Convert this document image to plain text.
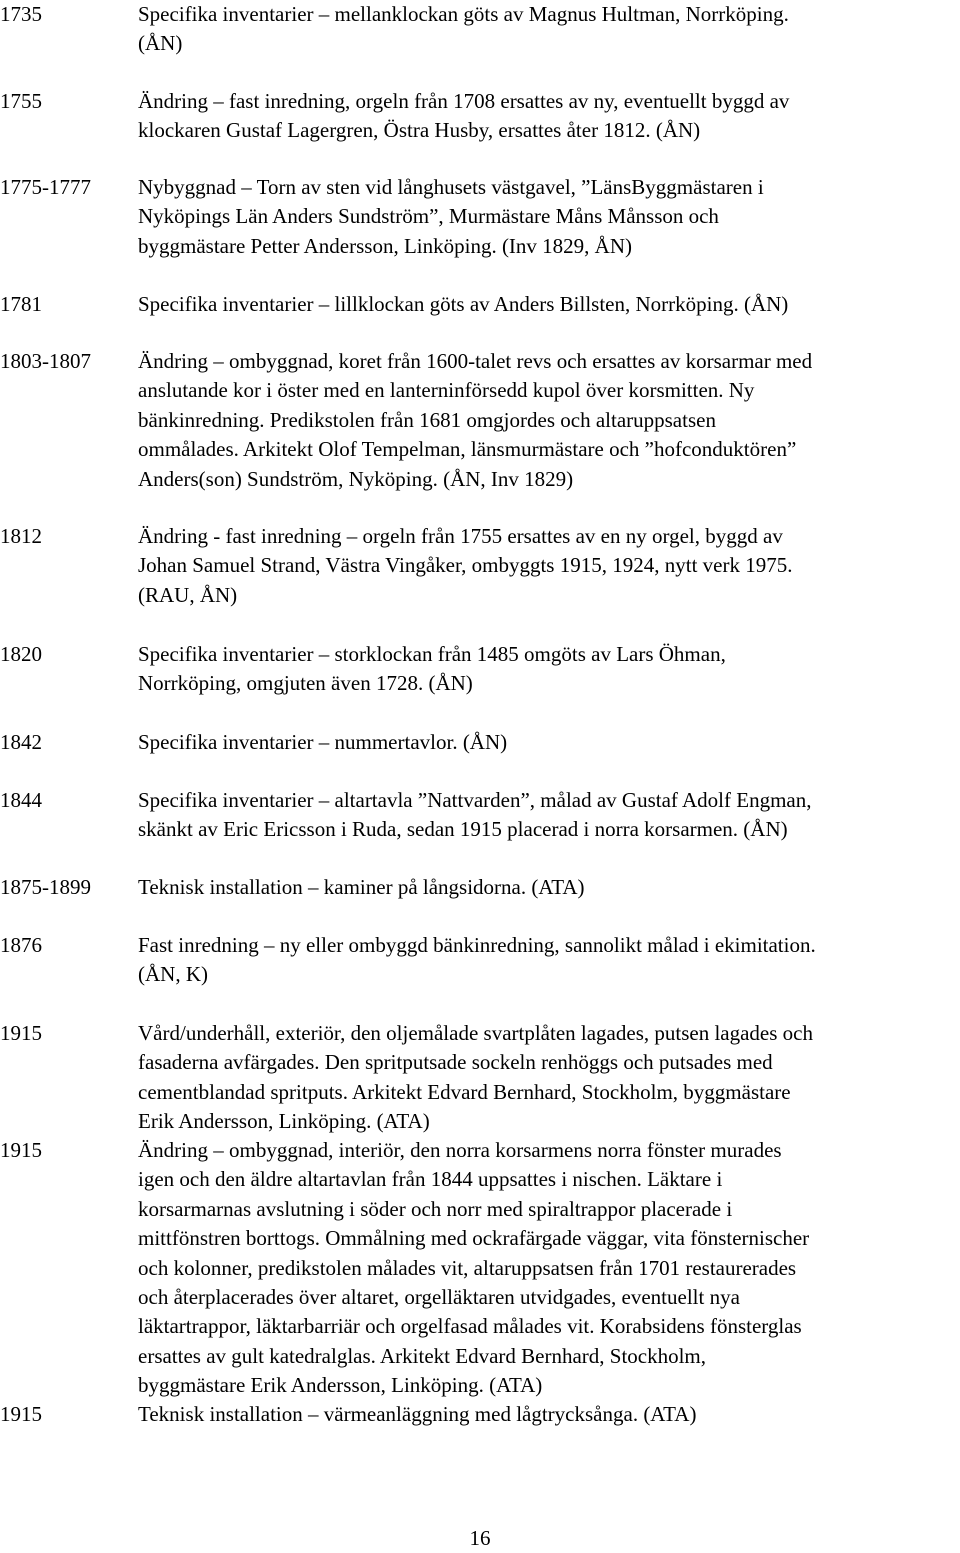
1735	Specifika inventarier – mellanklockan göts av Magnus Hultman, Norrköping.
(ÅN)
1755	Ändring – fast inredning, orgeln från 1708 ersattes av ny, eventuellt byggd av
klockaren Gustaf Lagergren, Östra Husby, ersattes åter 1812. (ÅN)
1775-1777	Nybyggnad – Torn av sten vid långhusets västgavel, ”LänsByggmästaren i
Nyköpings Län Anders Sundström”, Murmästare Måns Månsson och
byggmästare Petter Andersson, Linköping. (Inv 1829, ÅN)
1781	Specifika inventarier – lillklockan göts av Anders Billsten, Norrköping. (ÅN)
1803-1807	Ändring – ombyggnad, koret från 1600-talet revs och ersattes av korsarmar med
anslutande kor i öster med en lanterninförsedd kupol över korsmitten. Ny
bänkinredning. Predikstolen från 1681 omgjordes och altaruppsatsen
ommålades. Arkitekt Olof Tempelman, länsmurmästare och ”hofconduktören”
Anders(son) Sundström, Nyköping. (ÅN, Inv 1829)
1812	Ändring - fast inredning – orgeln från 1755 ersattes av en ny orgel, byggd av
Johan Samuel Strand, Västra Vingåker, ombyggts 1915, 1924, nytt verk 1975.
(RAU, ÅN)
1820	Specifika inventarier – storklockan från 1485 omgöts av Lars Öhman,
Norrköping, omgjuten även 1728. (ÅN)
1842	Specifika inventarier – nummertavlor. (ÅN)
1844	Specifika inventarier – altartavla ”Nattvarden”, målad av Gustaf Adolf Engman,
skänkt av Eric Ericsson i Ruda, sedan 1915 placerad i norra korsarmen. (ÅN)
1875-1899	Teknisk installation – kaminer på långsidorna. (ATA)
1876	Fast inredning – ny eller ombyggd bänkinredning, sannolikt målad i ekimitation.
(ÅN, K)
1915	Vård/underhåll, exteriör, den oljemålade svartplåten lagades, putsen lagades och
fasaderna avfärgades. Den spritputsade sockeln renhöggs och putsades med
cementblandad spritputs. Arkitekt Edvard Bernhard, Stockholm, byggmästare
Erik Andersson, Linköping. (ATA)
1915	Ändring – ombyggnad, interiör, den norra korsarmens norra fönster murades
igen och den äldre altartavlan från 1844 uppsattes i nischen. Läktare i
korsarmarnas avslutning i söder och norr med spiraltrappor placerade i
mittfönstren borttogs. Ommålning med ockrafärgade väggar, vita fönsternischer
och kolonner, predikstolen målades vit, altaruppsatsen från 1701 restaurerades
och återplacerades över altaret, orgelläktaren utvidgades, eventuellt nya
läktartrappor, läktarbarriär och orgelfasad målades vit. Korabsidens fönsterglas
ersattes av gult katedralglas. Arkitekt Edvard Bernhard, Stockholm,
byggmästare Erik Andersson, Linköping. (ATA)
1915	Teknisk installation – värmeanläggning med lågtrycksånga. (ATA)
16
